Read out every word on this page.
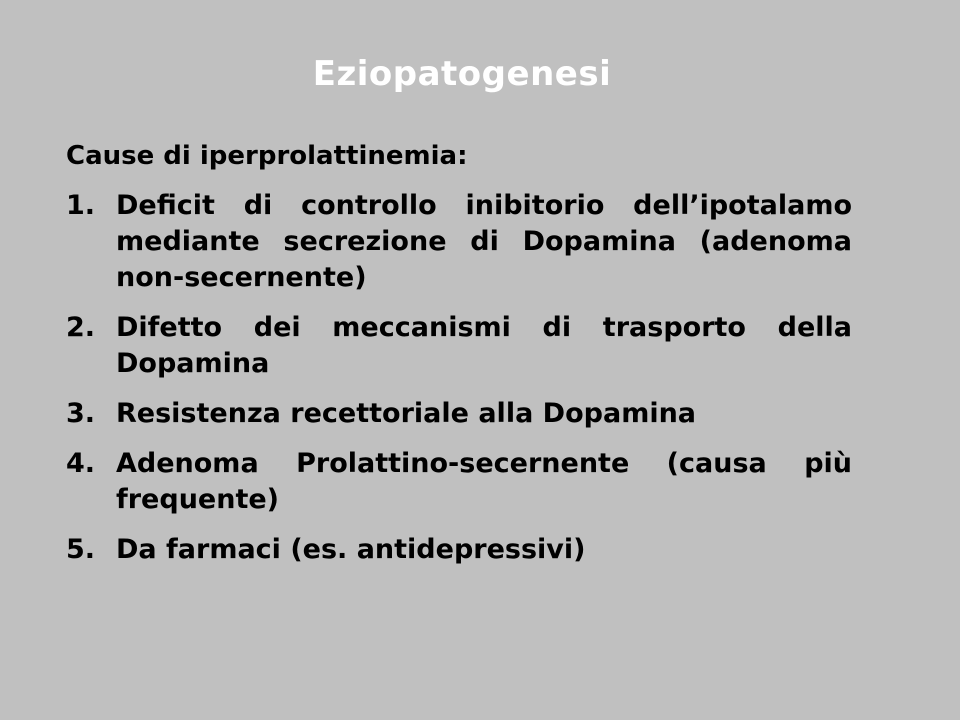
Eziopatogenesi

Cause di iperprolattinemia:

1. Deficit di controllo inibitorio dell’ipotalamo mediante secrezione di Dopamina (adenoma non-secernente)
2. Difetto dei meccanismi di trasporto della Dopamina
3. Resistenza recettoriale alla Dopamina
4. Adenoma Prolattino-secernente (causa più frequente)
5. Da farmaci (es. antidepressivi)
